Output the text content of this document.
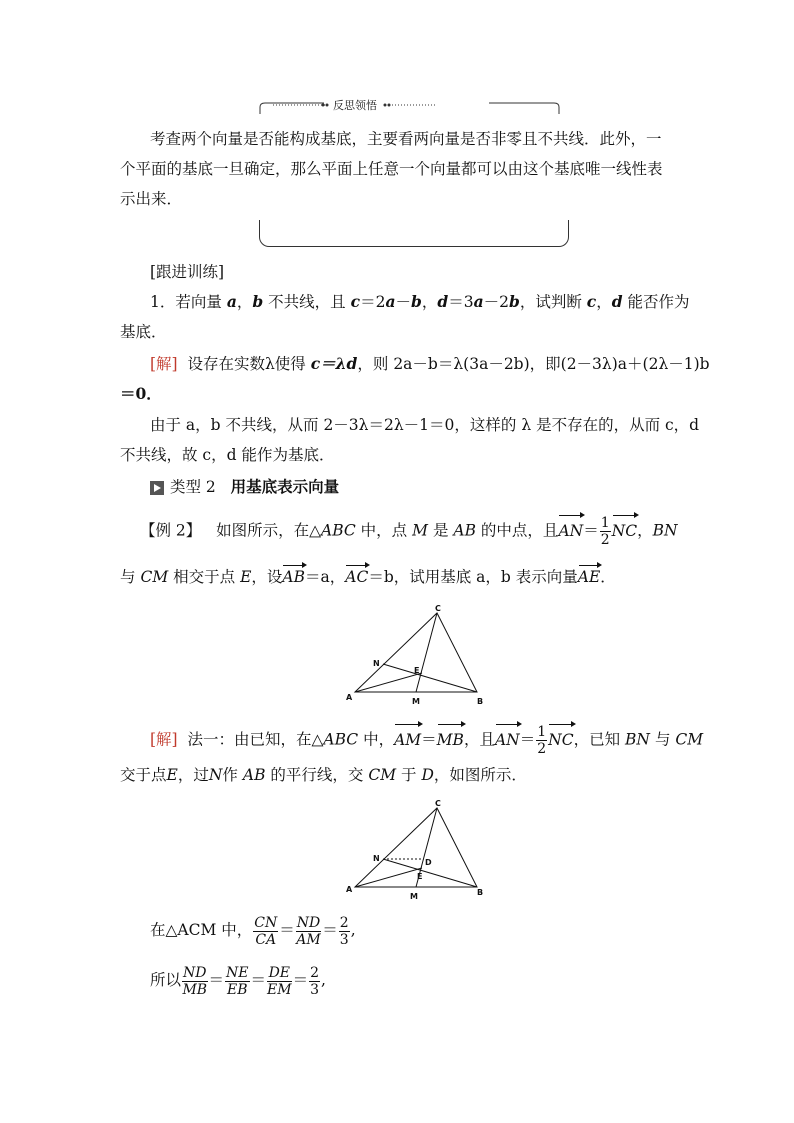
反思领悟
考查两个向量是否能构成基底，主要看两向量是否非零且不共线．此外，一
个平面的基底一旦确定，那么平面上任意一个向量都可以由这个基底唯一线性表
示出来．
[跟进训练]
1．若向量 a，b 不共线，且 c＝2a－b，d＝3a－2b，试判断 c，d 能否作为
基底．
[解] 设存在实数λ使得 c＝λd，则 2a－b＝λ(3a－2b)，即(2－3λ)a＋(2λ－1)b
＝0．
由于 a，b 不共线，从而 2－3λ＝2λ－1＝0，这样的 λ 是不存在的，从而 c，d
不共线，故 c，d 能作为基底．
类型 2 用基底表示向量
【例 2】 如图所示，在△ABC 中，点 M 是 AB 的中点，且$AN= \frac{1}{2}$ NC，BN
与 CM 相交于点 E，设AB＝a，AC＝b，试用基底 a，b 表示向量AE．
C
N
E
A	M	B
[解] 法一：由已知，在△ABC 中，AM＝MB，且$AN= \frac{1}{2}$ NC，已知 BN 与 CM
交于点E，过N作 AB 的平行线，交 CM 于 D，如图所示．
C
N	D
E
A
M	B
在△ACM 中， $\frac{CN}{CA} = \frac{ND}{AM} = \frac{2}{3}$ ,
所以 $\frac{ND}{MB} = \frac{NE}{EB} = \frac{DE}{EM} = \frac{2}{3}$ ,
